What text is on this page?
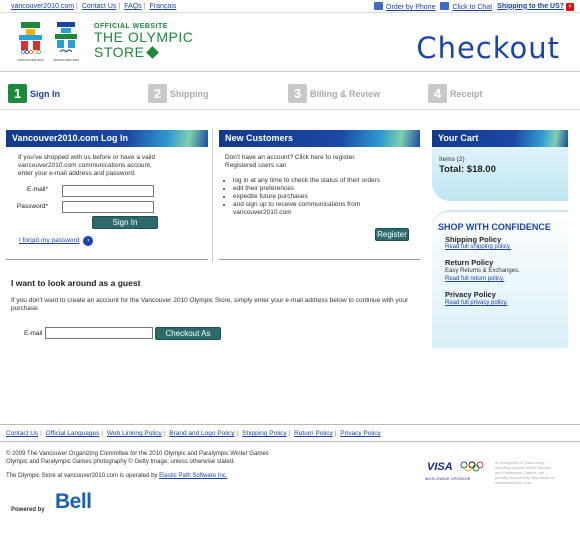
vancouver2010.com | Contact Us | FAQs | Français	Order by Phone	Click to Chat Shipping to the US? ×
VANCOUVER 2010	VANCOUVER 2010
OFFICIAL WEBSITE
THE OLYMPIC
STORE	Checkout
1 Sign In	2 Shipping	3 Billing & Review	4 Receipt
Vancouver2010.com Log In
If you've shopped with us before or have a valid vancouver2010.com communications account, enter your e-mail address and password.
E-mail*
Password*
Sign In
I forgot my password ›
New Customers
Don't have an account? Click here to register. Registered users can
• log in at any time to check the status of their orders
• edit their preferences
• expedite future purchases
• and sign up to receive communications from vancouver2010.com
Register
I want to look around as a guest
If you don't want to create an account for the Vancouver 2010 Olympic Store, simply enter your e-mail address below to continue with your purchase.
E-mail	Checkout As Guest
Your Cart
Items (2)
Total: $18.00
SHOP WITH CONFIDENCE
Shipping Policy
Read full shipping policy.
Return Policy
Easy Returns & Exchanges.
Read full return policy.
Privacy Policy
Read full privacy policy.
Contact Us | Official Languages | Web Linking Policy | Brand and Logo Policy | Shipping Policy | Return Policy | Privacy Policy
© 2009 The Vancouver Organizing Committee for the 2010 Olympic and Paralympic Winter Games
Olympic and Paralympic Games photography © Getty Image, unless otherwise stated.
The Olympic Store at vancouver2010.com is operated by Elastic Path Software Inc.
VISA
WORLDWIDE SPONSOR
In recognition of Visa's long-standing support of the Olympic and Paralympic Games, we proudly accept only Visa cards on vancouver2010.com.
Powered by Bell
